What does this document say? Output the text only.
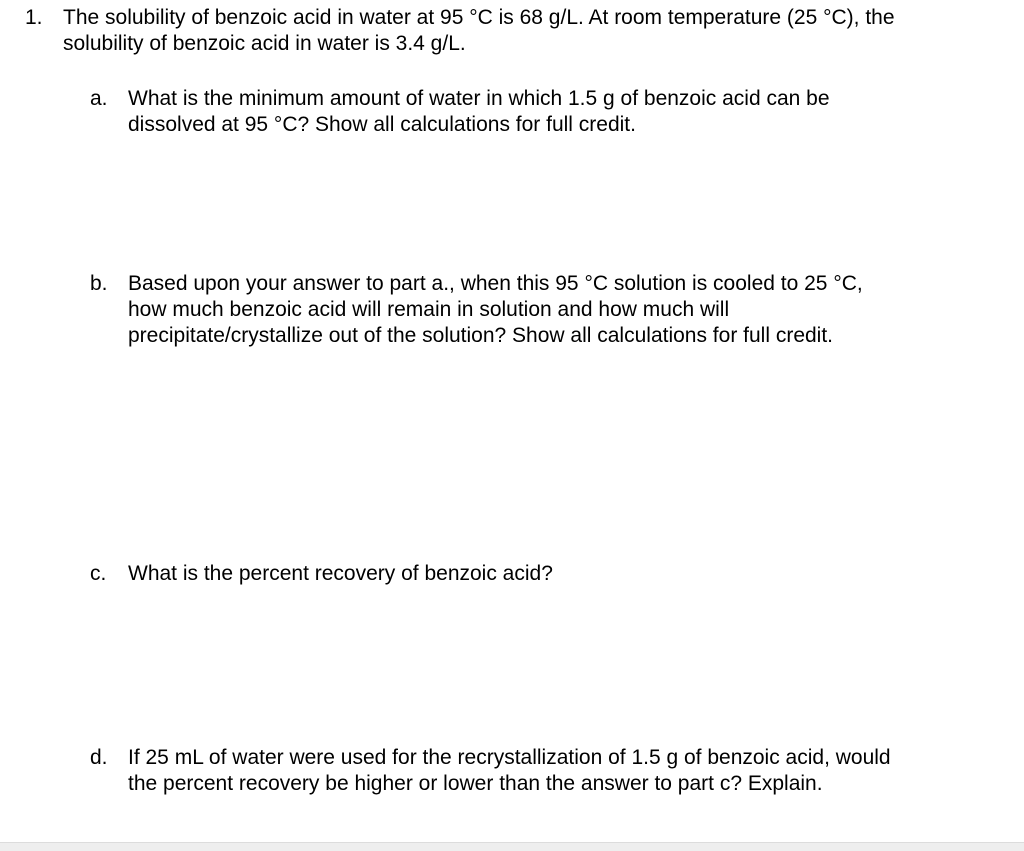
1. The solubility of benzoic acid in water at 95 °C is 68 g/L. At room temperature (25 °C), the
solubility of benzoic acid in water is 3.4 g/L.
a. What is the minimum amount of water in which 1.5 g of benzoic acid can be
dissolved at 95 °C? Show all calculations for full credit.
b. Based upon your answer to part a., when this 95 °C solution is cooled to 25 °C,
how much benzoic acid will remain in solution and how much will
precipitate/crystallize out of the solution? Show all calculations for full credit.
c. What is the percent recovery of benzoic acid?
d. If 25 mL of water were used for the recrystallization of 1.5 g of benzoic acid, would
the percent recovery be higher or lower than the answer to part c? Explain.
